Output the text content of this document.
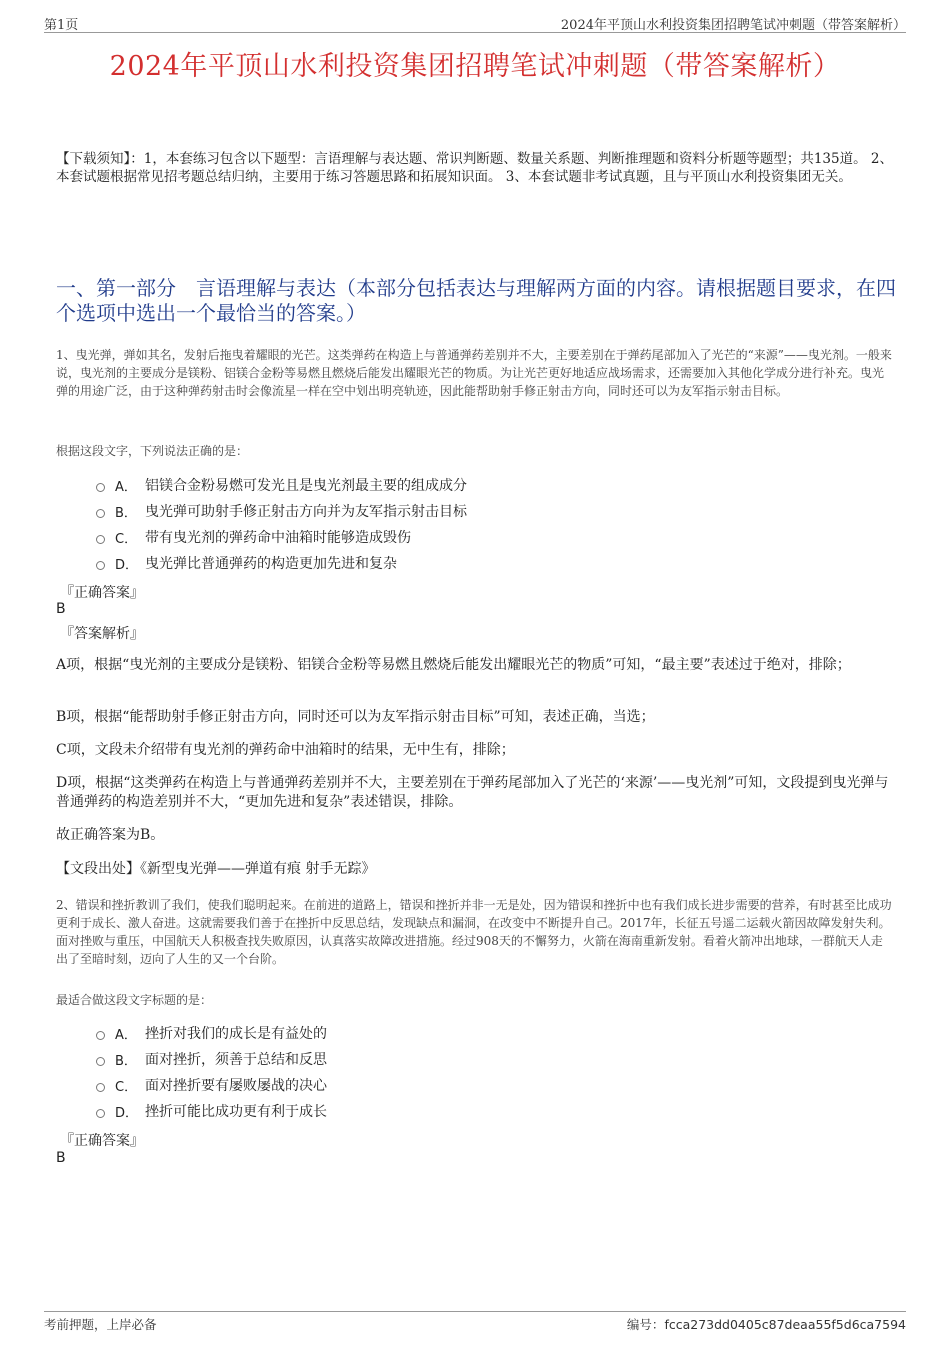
第1页	2024年平顶山水利投资集团招聘笔试冲刺题（带答案解析）
2024年平顶山水利投资集团招聘笔试冲刺题（带答案解析）
【下载须知】：1，本套练习包含以下题型：言语理解与表达题、常识判断题、数量关系题、判断推理题和资料分析题等题型；共135道。 2、本套试题根据常见招考题总结归纳，主要用于练习答题思路和拓展知识面。 3、本套试题非考试真题，且与平顶山水利投资集团无关。
一、第一部分　言语理解与表达（本部分包括表达与理解两方面的内容。请根据题目要求，在四个选项中选出一个最恰当的答案。）
1、曳光弹，弹如其名，发射后拖曳着耀眼的光芒。这类弹药在构造上与普通弹药差别并不大，主要差别在于弹药尾部加入了光芒的“来源”——曳光剂。一般来说，曳光剂的主要成分是镁粉、铝镁合金粉等易燃且燃烧后能发出耀眼光芒的物质。为让光芒更好地适应战场需求，还需要加入其他化学成分进行补充。曳光弹的用途广泛，由于这种弹药射击时会像流星一样在空中划出明亮轨迹，因此能帮助射手修正射击方向，同时还可以为友军指示射击目标。
根据这段文字，下列说法正确的是：
A． 铝镁合金粉易燃可发光且是曳光剂最主要的组成成分
B． 曳光弹可助射手修正射击方向并为友军指示射击目标
C． 带有曳光剂的弹药命中油箱时能够造成毁伤
D． 曳光弹比普通弹药的构造更加先进和复杂
『正确答案』
B
『答案解析』
A项，根据“曳光剂的主要成分是镁粉、铝镁合金粉等易燃且燃烧后能发出耀眼光芒的物质”可知，“最主要”表述过于绝对，排除；
B项，根据“能帮助射手修正射击方向，同时还可以为友军指示射击目标”可知，表述正确，当选；
C项，文段未介绍带有曳光剂的弹药命中油箱时的结果，无中生有，排除；
D项，根据“这类弹药在构造上与普通弹药差别并不大，主要差别在于弹药尾部加入了光芒的‘来源’——曳光剂”可知，文段提到曳光弹与普通弹药的构造差别并不大，“更加先进和复杂”表述错误，排除。
故正确答案为B。
【文段出处】《新型曳光弹——弹道有痕 射手无踪》
2、错误和挫折教训了我们，使我们聪明起来。在前进的道路上，错误和挫折并非一无是处，因为错误和挫折中也有我们成长进步需要的营养，有时甚至比成功更利于成长、激人奋进。这就需要我们善于在挫折中反思总结，发现缺点和漏洞，在改变中不断提升自己。2017年，长征五号遥二运载火箭因故障发射失利。面对挫败与重压，中国航天人积极查找失败原因，认真落实故障改进措施。经过908天的不懈努力，火箭在海南重新发射。看着火箭冲出地球，一群航天人走出了至暗时刻，迈向了人生的又一个台阶。
最适合做这段文字标题的是：
A． 挫折对我们的成长是有益处的
B． 面对挫折，须善于总结和反思
C． 面对挫折要有屡败屡战的决心
D． 挫折可能比成功更有利于成长
『正确答案』
B
考前押题，上岸必备	编号：fcca273dd0405c87deaa55f5d6ca7594
